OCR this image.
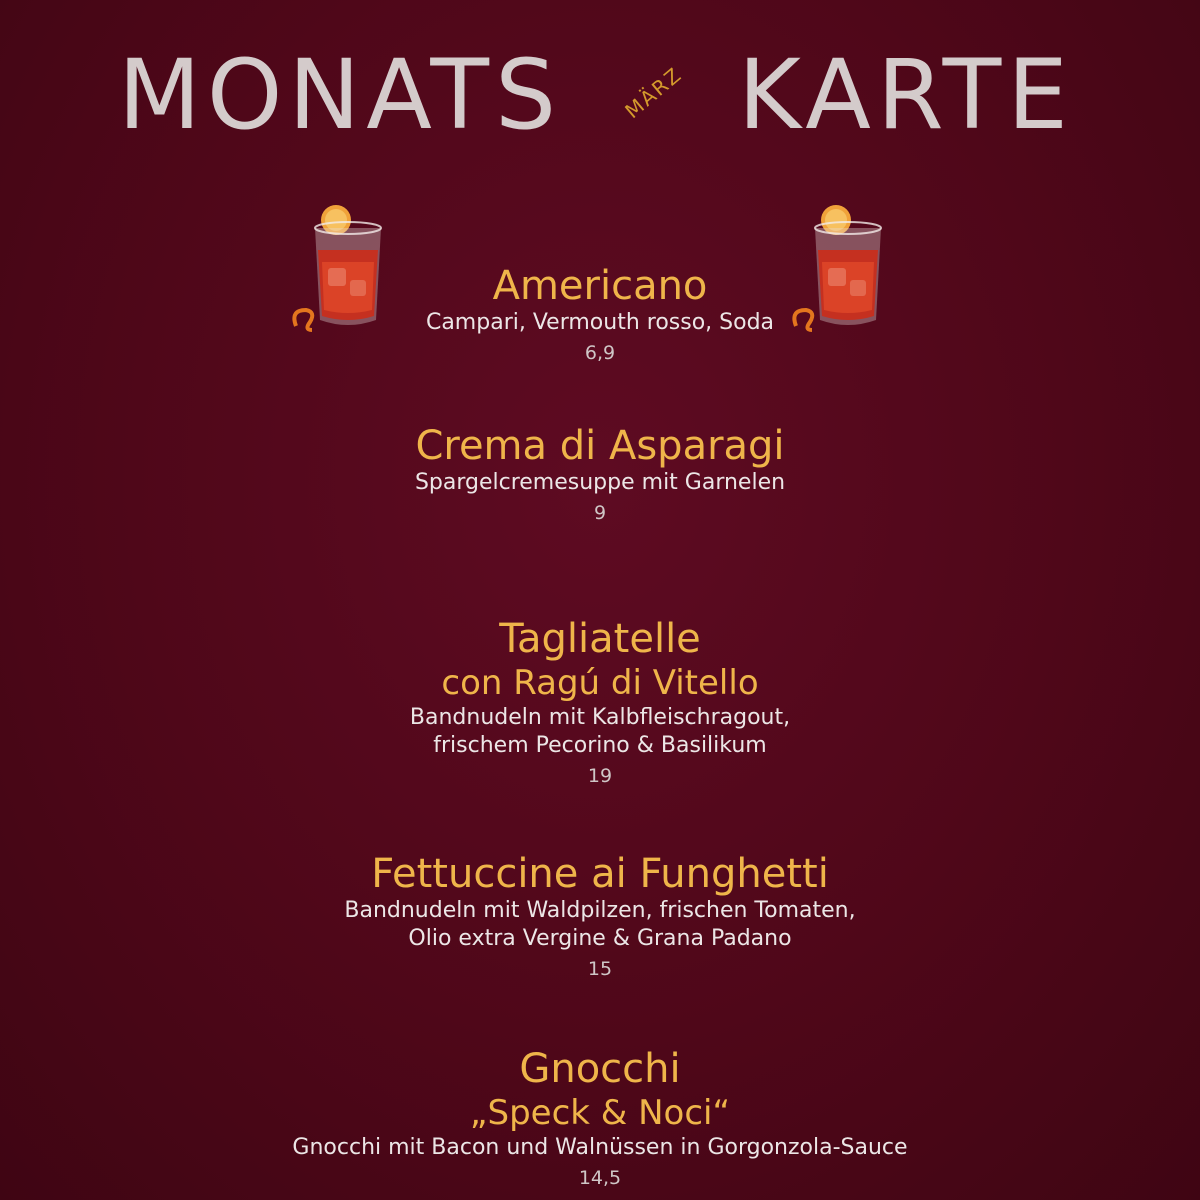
MONATS	MÄRZ KARTE
Americano
Campari, Vermouth rosso, Soda
6,9
Crema di Asparagi
Spargelcremesuppe mit Garnelen
9
Tagliatelle
con Ragú di Vitello
Bandnudeln mit Kalbfleischragout,
frischem Pecorino & Basilikum
19
Fettuccine ai Funghetti
Bandnudeln mit Waldpilzen, frischen Tomaten,
Olio extra Vergine & Grana Padano
15
Gnocchi
„Speck & Noci“
Gnocchi mit Bacon und Walnüssen in Gorgonzola-Sauce
14,5
